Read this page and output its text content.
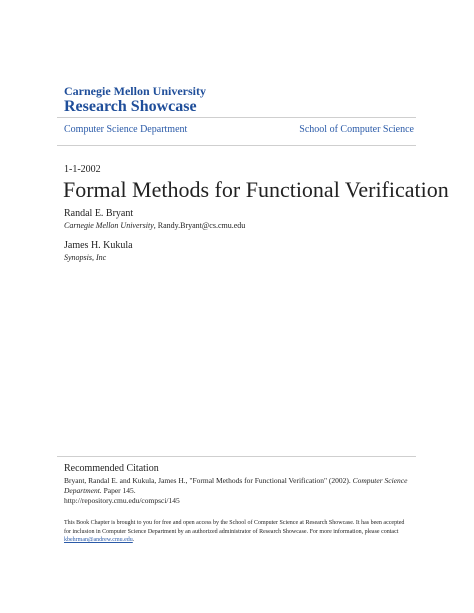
Carnegie Mellon University
Research Showcase
Computer Science Department	School of Computer Science
1-1-2002
Formal Methods for Functional Verification
Randal E. Bryant
Carnegie Mellon University, Randy.Bryant@cs.cmu.edu
James H. Kukula
Synopsis, Inc
Recommended Citation
Bryant, Randal E. and Kukula, James H., "Formal Methods for Functional Verification" (2002). Computer Science Department. Paper 145.
http://repository.cmu.edu/compsci/145
This Book Chapter is brought to you for free and open access by the School of Computer Science at Research Showcase. It has been accepted for inclusion in Computer Science Department by an authorized administrator of Research Showcase. For more information, please contact kbehrman@andrew.cmu.edu.
